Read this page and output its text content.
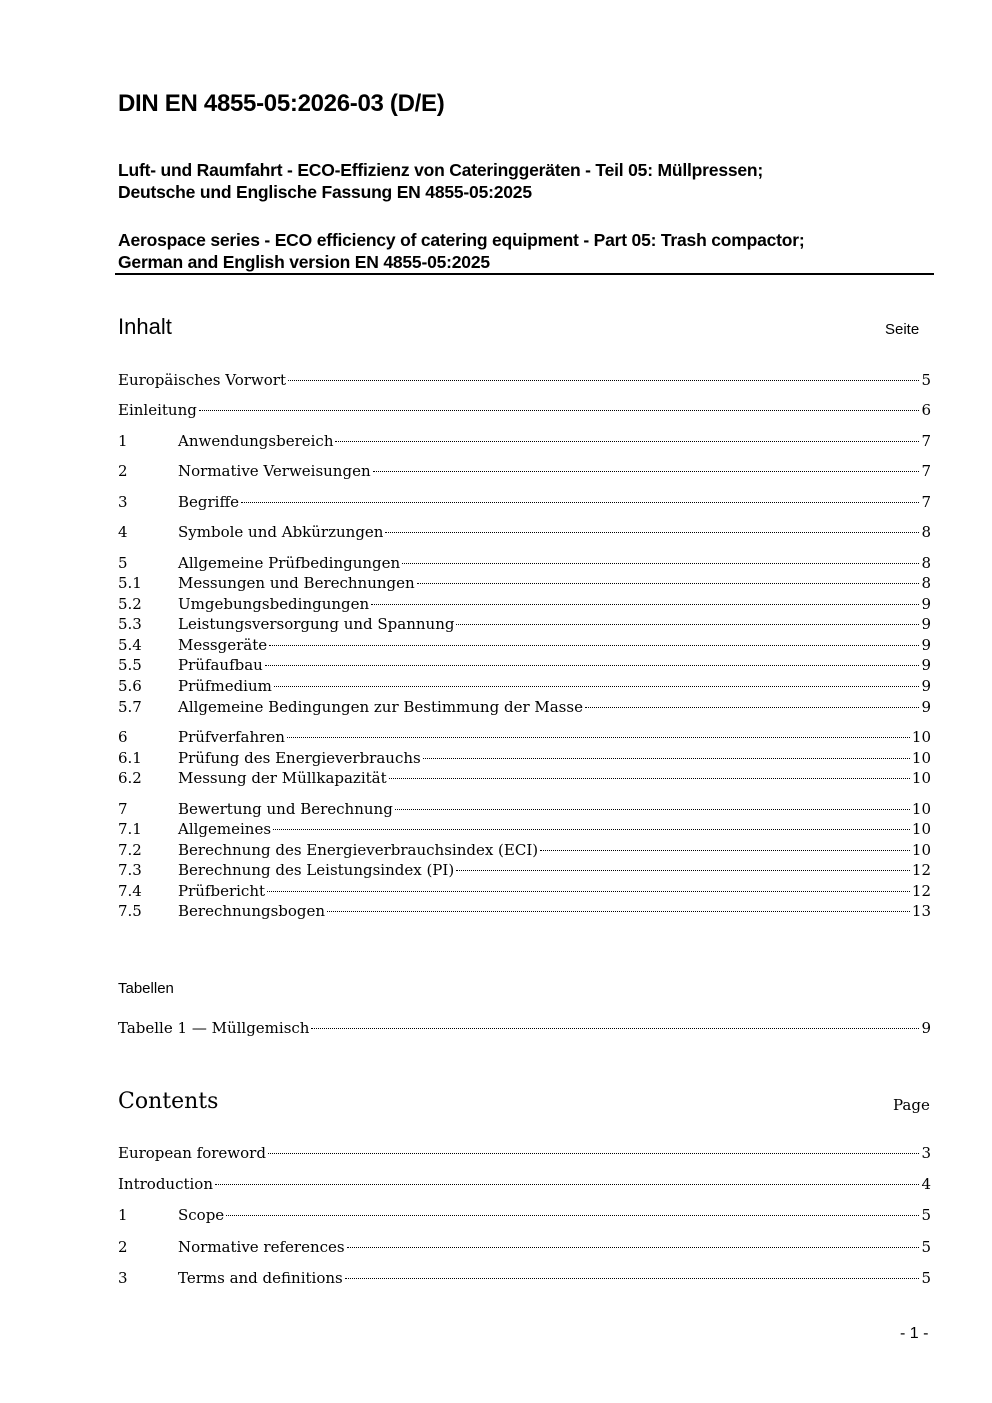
DIN EN 4855-05:2026-03 (D/E)
Luft- und Raumfahrt - ECO-Effizienz von Cateringgeräten - Teil 05: Müllpressen;
Deutsche und Englische Fassung EN 4855-05:2025
Aerospace series - ECO efficiency of catering equipment - Part 05: Trash compactor;
German and English version EN 4855-05:2025
Inhalt	Seite
Europäisches Vorwort	5
Einleitung	6
1	Anwendungsbereich	7
2	Normative Verweisungen	7
3	Begriffe	7
4	Symbole und Abkürzungen	8
5	Allgemeine Prüfbedingungen	8
5.1	Messungen und Berechnungen	8
5.2	Umgebungsbedingungen	9
5.3	Leistungsversorgung und Spannung	9
5.4	Messgeräte	9
5.5	Prüfaufbau	9
5.6	Prüfmedium	9
5.7	Allgemeine Bedingungen zur Bestimmung der Masse	9
6	Prüfverfahren	10
6.1	Prüfung des Energieverbrauchs	10
6.2	Messung der Müllkapazität	10
7	Bewertung und Berechnung	10
7.1	Allgemeines	10
7.2	Berechnung des Energieverbrauchsindex (ECI)	10
7.3	Berechnung des Leistungsindex (PI)	12
7.4	Prüfbericht	12
7.5	Berechnungsbogen	13
Tabellen
Tabelle 1 — Müllgemisch	9
Contents	Page
European foreword	3
Introduction	4
1	Scope	5
2	Normative references	5
3	Terms and definitions	5
- 1 -
